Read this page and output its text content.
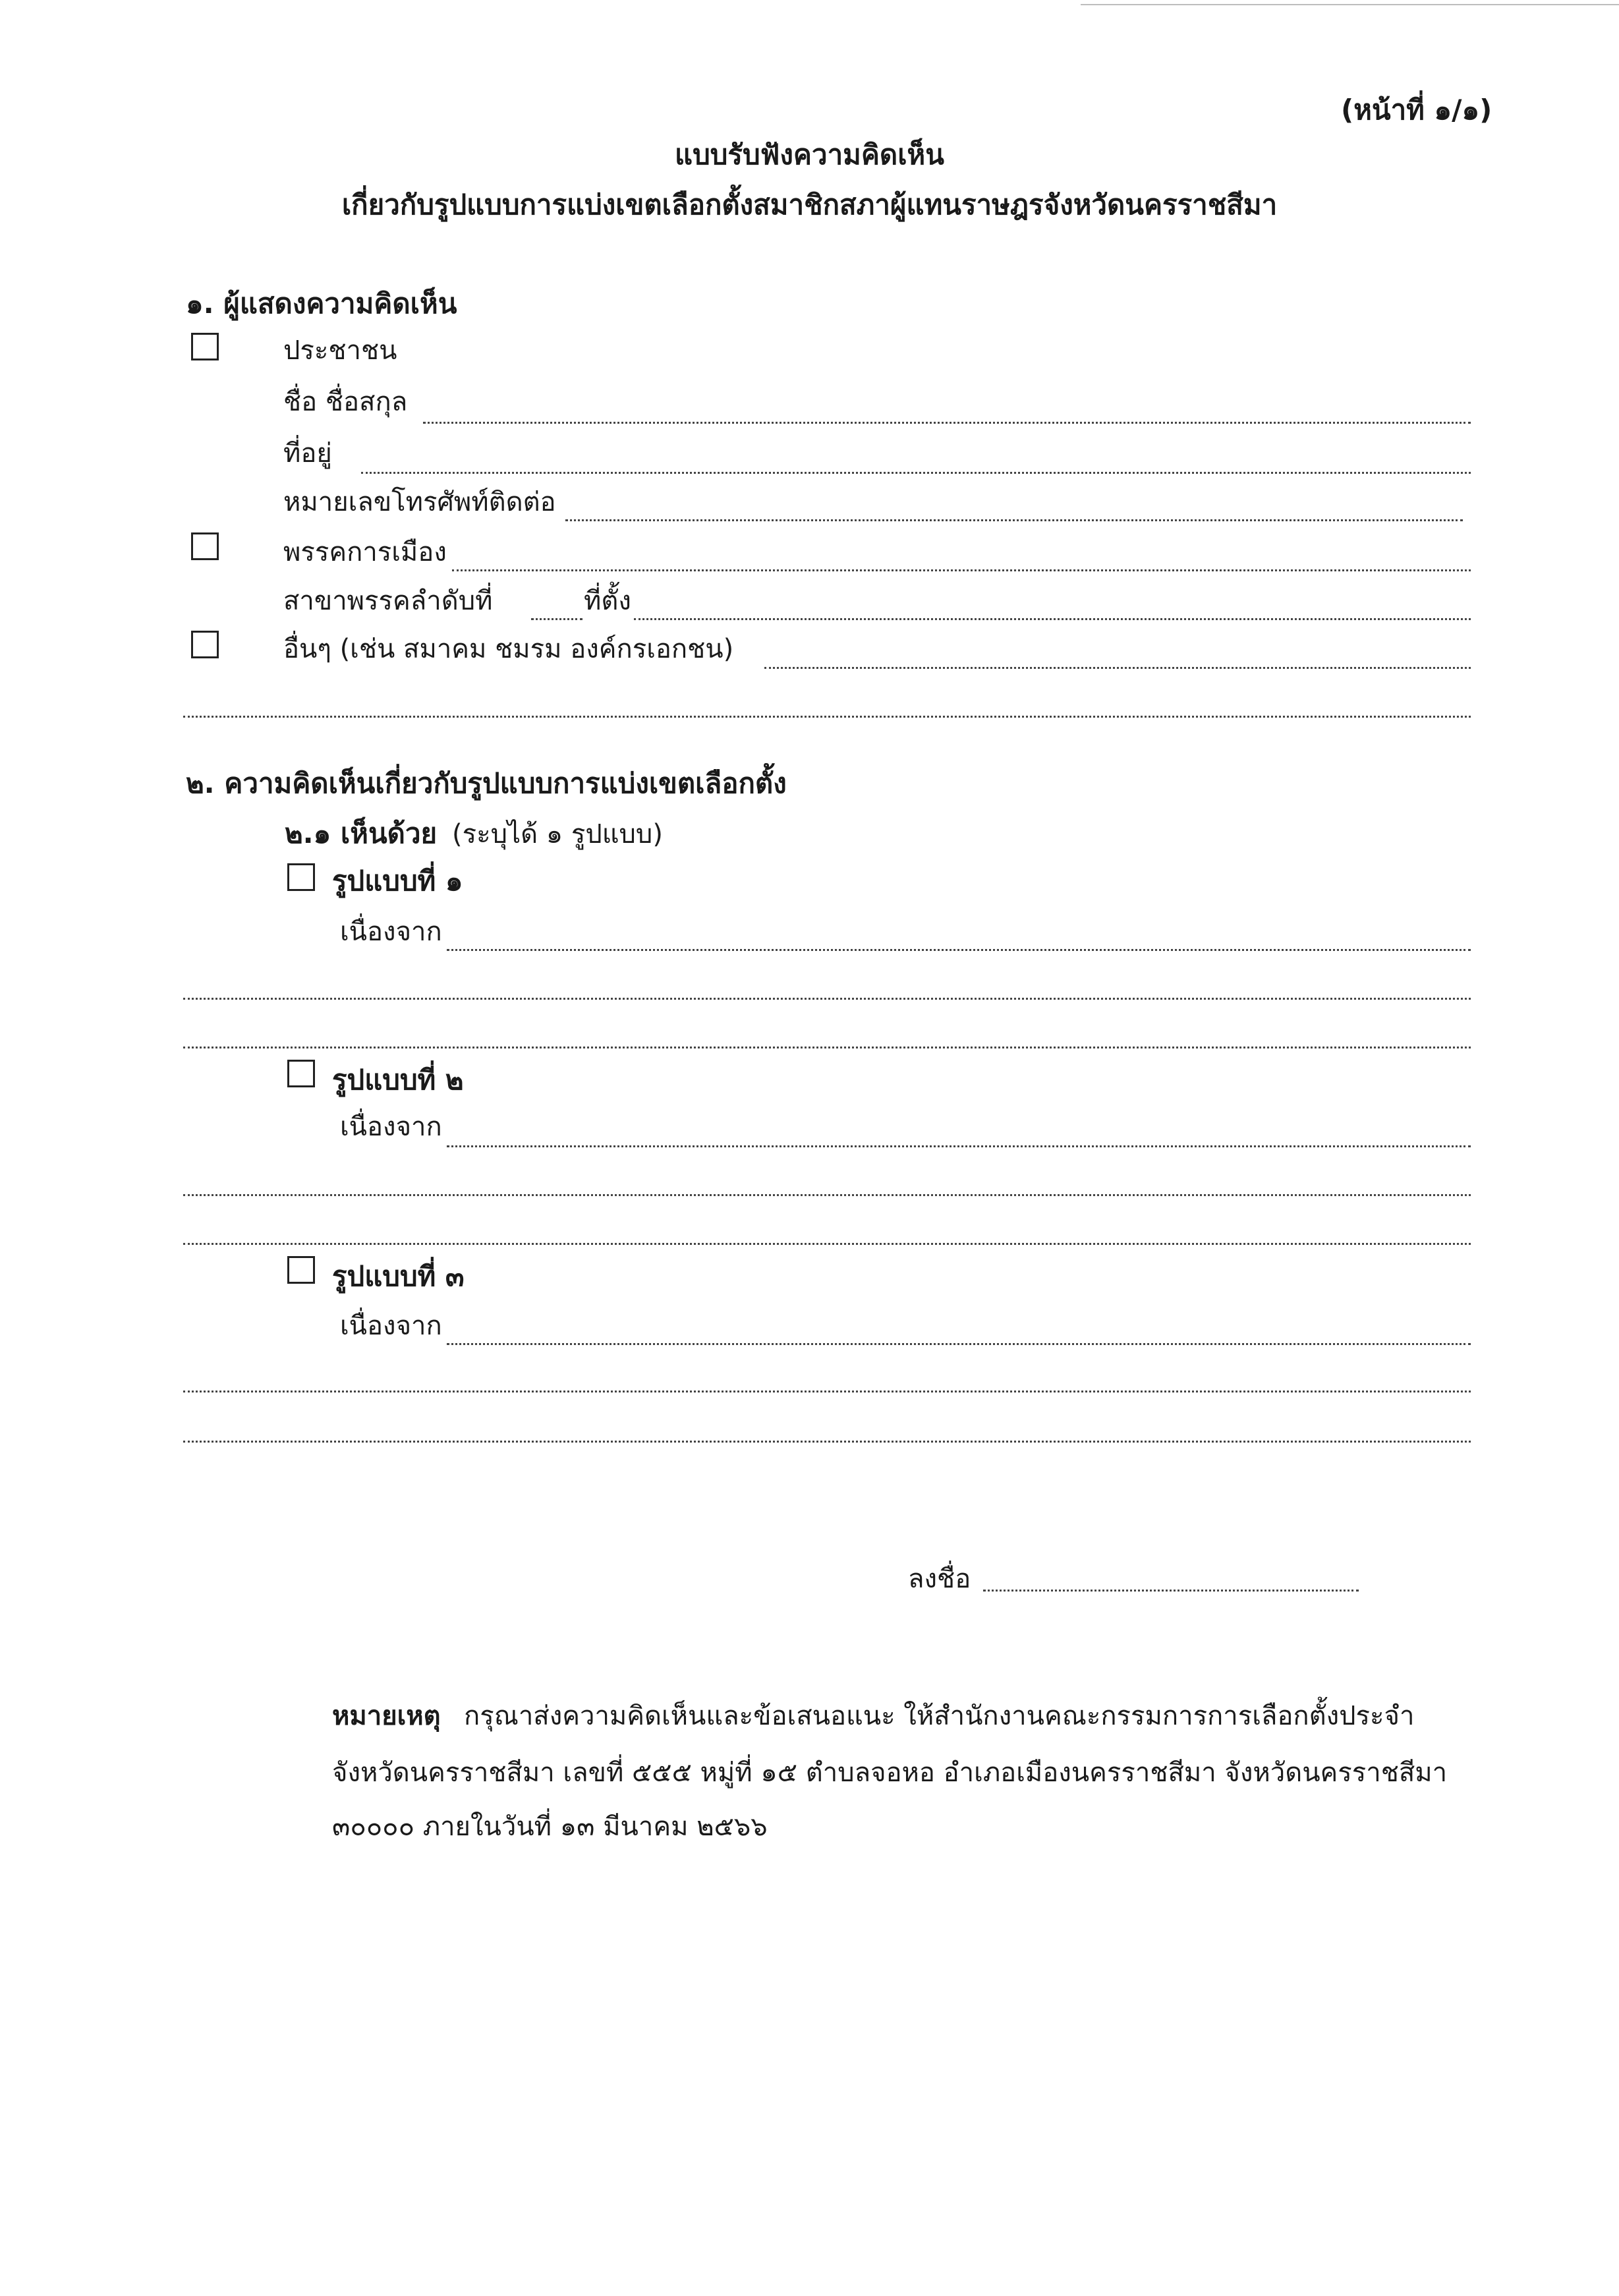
(หน้าที่ ๑/๑)
แบบรับฟังความคิดเห็น
เกี่ยวกับรูปแบบการแบ่งเขตเลือกตั้งสมาชิกสภาผู้แทนราษฎรจังหวัดนครราชสีมา
๑. ผู้แสดงความคิดเห็น
ประชาชน
ชื่อ ชื่อสกุล
ที่อยู่
หมายเลขโทรศัพท์ติดต่อ
พรรคการเมือง
สาขาพรรคลำดับที่	ที่ตั้ง
อื่นๆ (เช่น สมาคม ชมรม องค์กรเอกชน)
๒. ความคิดเห็นเกี่ยวกับรูปแบบการแบ่งเขตเลือกตั้ง
๒.๑ เห็นด้วย (ระบุได้ ๑ รูปแบบ)
รูปแบบที่ ๑
เนื่องจาก
รูปแบบที่ ๒
เนื่องจาก
รูปแบบที่ ๓
เนื่องจาก
ลงชื่อ
หมายเหตุ กรุณาส่งความคิดเห็นและข้อเสนอแนะ ให้สำนักงานคณะกรรมการการเลือกตั้งประจำ
จังหวัดนครราชสีมา เลขที่ ๕๕๕ หมู่ที่ ๑๕ ตำบลจอหอ อำเภอเมืองนครราชสีมา จังหวัดนครราชสีมา
๓๐๐๐๐ ภายในวันที่ ๑๓ มีนาคม ๒๕๖๖
